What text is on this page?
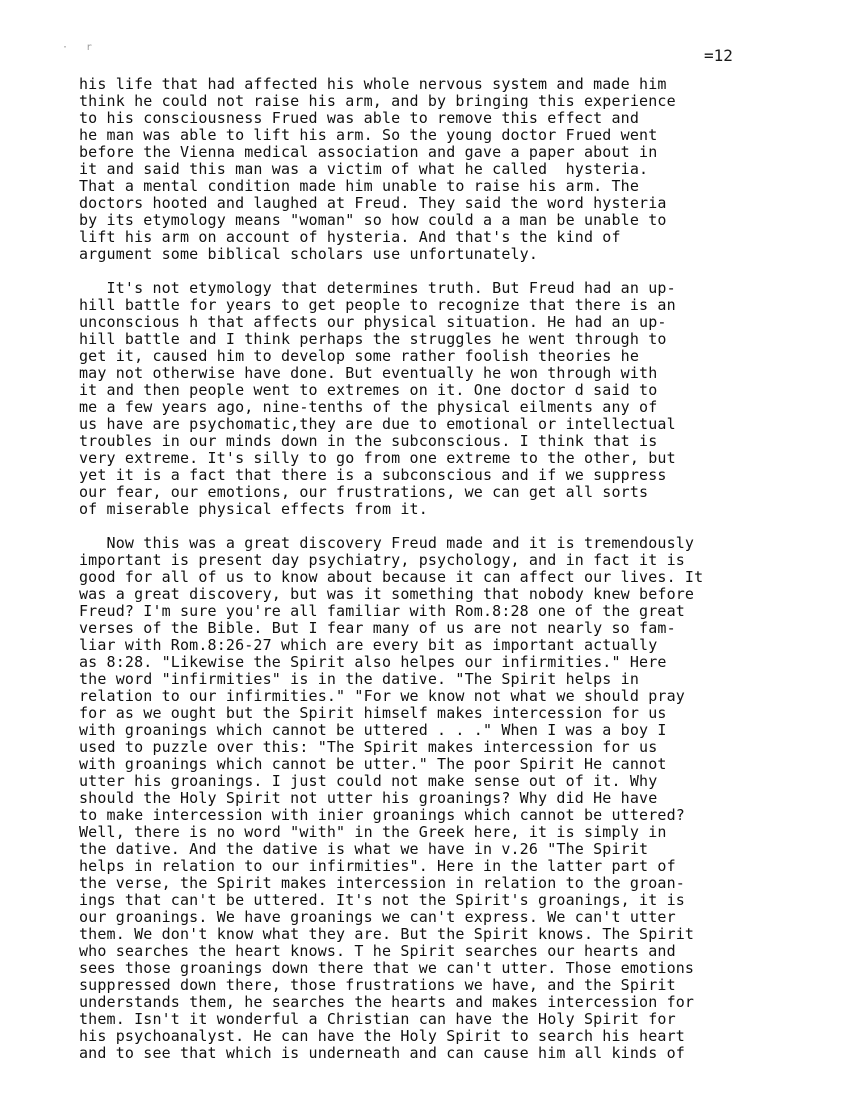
· r	=12
his life that had affected his whole nervous system and made him
think he could not raise his arm, and by bringing this experience
to his consciousness Frued was able to remove this effect and
he man was able to lift his arm. So the young doctor Frued went
before the Vienna medical association and gave a paper about in
it and said this man was a victim of what he called  hysteria.
That a mental condition made him unable to raise his arm. The
doctors hooted and laughed at Freud. They said the word hysteria
by its etymology means "woman" so how could a a man be unable to
lift his arm on account of hysteria. And that's the kind of
argument some biblical scholars use unfortunately.
It's not etymology that determines truth. But Freud had an up-
hill battle for years to get people to recognize that there is an
unconscious h that affects our physical situation. He had an up-
hill battle and I think perhaps the struggles he went through to
get it, caused him to develop some rather foolish theories he
may not otherwise have done. But eventually he won through with
it and then people went to extremes on it. One doctor d said to
me a few years ago, nine-tenths of the physical eilments any of
us have are psychomatic,they are due to emotional or intellectual
troubles in our minds down in the subconscious. I think that is
very extreme. It's silly to go from one extreme to the other, but
yet it is a fact that there is a subconscious and if we suppress
our fear, our emotions, our frustrations, we can get all sorts
of miserable physical effects from it.
Now this was a great discovery Freud made and it is tremendously
important is present day psychiatry, psychology, and in fact it is
good for all of us to know about because it can affect our lives. It
was a great discovery, but was it something that nobody knew before
Freud? I'm sure you're all familiar with Rom.8:28 one of the great
verses of the Bible. But I fear many of us are not nearly so fam-
liar with Rom.8:26-27 which are every bit as important actually
as 8:28. "Likewise the Spirit also helpes our infirmities." Here
the word "infirmities" is in the dative. "The Spirit helps in
relation to our infirmities." "For we know not what we should pray
for as we ought but the Spirit himself makes intercession for us
with groanings which cannot be uttered . . ." When I was a boy I
used to puzzle over this: "The Spirit makes intercession for us
with groanings which cannot be utter." The poor Spirit He cannot
utter his groanings. I just could not make sense out of it. Why
should the Holy Spirit not utter his groanings? Why did He have
to make intercession with inier groanings which cannot be uttered?
Well, there is no word "with" in the Greek here, it is simply in
the dative. And the dative is what we have in v.26 "The Spirit
helps in relation to our infirmities". Here in the latter part of
the verse, the Spirit makes intercession in relation to the groan-
ings that can't be uttered. It's not the Spirit's groanings, it is
our groanings. We have groanings we can't express. We can't utter
them. We don't know what they are. But the Spirit knows. The Spirit
who searches the heart knows. T he Spirit searches our hearts and
sees those groanings down there that we can't utter. Those emotions
suppressed down there, those frustrations we have, and the Spirit
understands them, he searches the hearts and makes intercession for
them. Isn't it wonderful a Christian can have the Holy Spirit for
his psychoanalyst. He can have the Holy Spirit to search his heart
and to see that which is underneath and can cause him all kinds of
